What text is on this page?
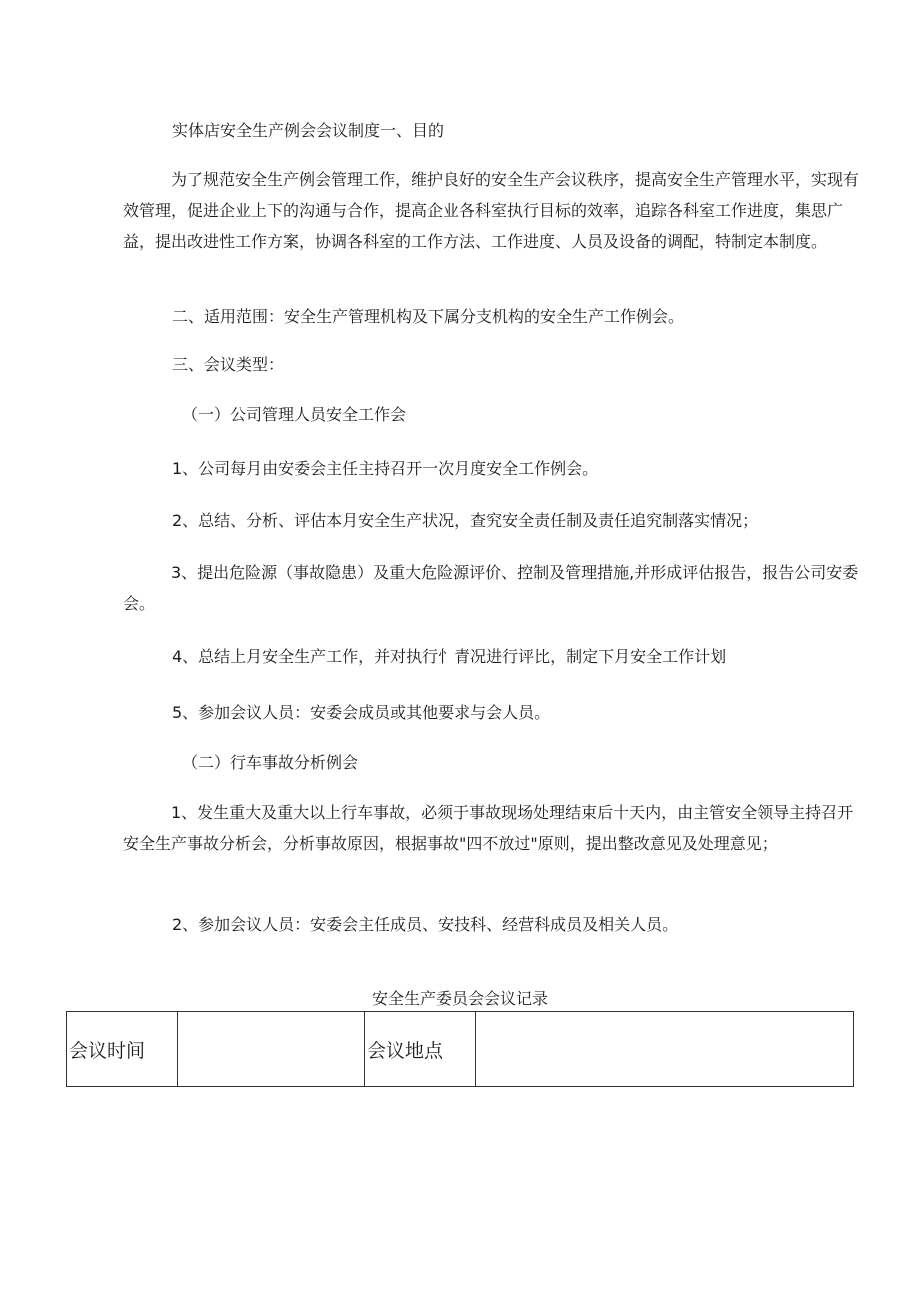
实体店安全生产例会会议制度一、目的

为了规范安全生产例会管理工作，维护良好的安全生产会议秩序，提高安全生产管理水平，实现有效管理，促进企业上下的沟通与合作，提高企业各科室执行目标的效率，追踪各科室工作进度，集思广益，提出改进性工作方案，协调各科室的工作方法、工作进度、人员及设备的调配，特制定本制度。

二、适用范围：安全生产管理机构及下属分支机构的安全生产工作例会。

三、会议类型：

（一）公司管理人员安全工作会

1、公司每月由安委会主任主持召开一次月度安全工作例会。

2、总结、分析、评估本月安全生产状况，查究安全责任制及责任追究制落实情况；

3、提出危险源（事故隐患）及重大危险源评价、控制及管理措施,并形成评估报告，报告公司安委会。

4、总结上月安全生产工作，并对执行忄青况进行评比，制定下月安全工作计划

5、参加会议人员：安委会成员或其他要求与会人员。

（二）行车事故分析例会

1、发生重大及重大以上行车事故，必须于事故现场处理结束后十天内，由主管安全领导主持召开安全生产事故分析会，分析事故原因，根据事故"四不放过"原则，提出整改意见及处理意见；

2、参加会议人员：安委会主任成员、安技科、经营科成员及相关人员。

安全生产委员会会议记录

会议时间		会议地点	
